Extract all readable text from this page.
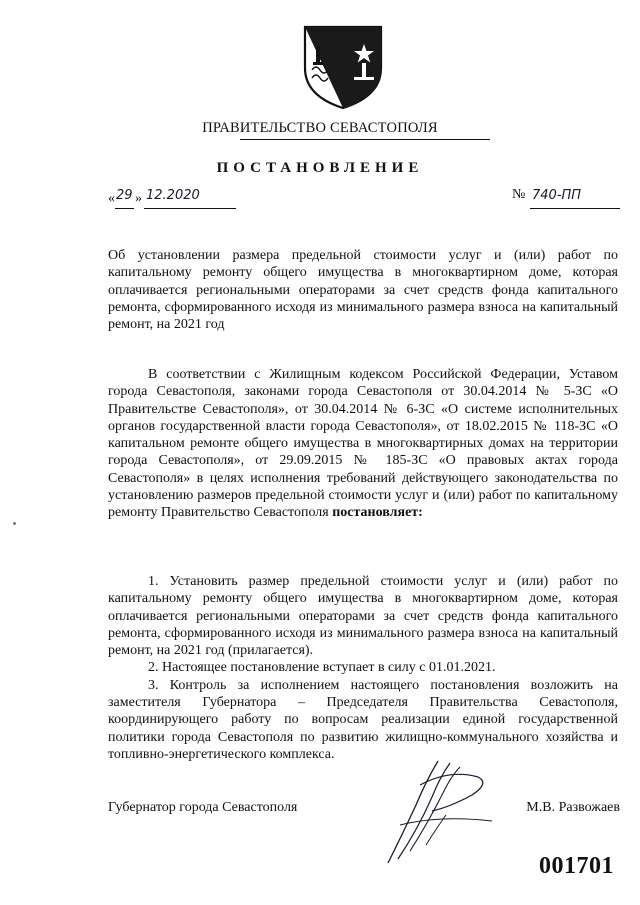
ПРАВИТЕЛЬСТВО СЕВАСТОПОЛЯ
ПОСТАНОВЛЕНИЕ
« 29 » 12.2020	№ 740-ПП

Об установлении размера предельной стоимости услуг и (или) работ по капитальному ремонту общего имущества в многоквартирном доме, которая оплачивается региональными операторами за счет средств фонда капитального ремонта, сформированного исходя из минимального размера взноса на капитальный ремонт, на 2021 год

В соответствии с Жилищным кодексом Российской Федерации, Уставом города Севастополя, законами города Севастополя от 30.04.2014 № 5-ЗС «О Правительстве Севастополя», от 30.04.2014 № 6-ЗС «О системе исполнительных органов государственной власти города Севастополя», от 18.02.2015 № 118-ЗС «О капитальном ремонте общего имущества в многоквартирных домах на территории города Севастополя», от 29.09.2015 № 185-ЗС «О правовых актах города Севастополя» в целях исполнения требований действующего законодательства по установлению размеров предельной стоимости услуг и (или) работ по капитальному ремонту Правительство Севастополя постановляет:

1. Установить размер предельной стоимости услуг и (или) работ по капитальному ремонту общего имущества в многоквартирном доме, которая оплачивается региональными операторами за счет средств фонда капитального ремонта, сформированного исходя из минимального размера взноса на капитальный ремонт, на 2021 год (прилагается).

2. Настоящее постановление вступает в силу с 01.01.2021.

3. Контроль за исполнением настоящего постановления возложить на заместителя Губернатора – Председателя Правительства Севастополя, координирующего работу по вопросам реализации единой государственной политики города Севастополя по развитию жилищно-коммунального хозяйства и топливно-энергетического комплекса.

Губернатор города Севастополя	М.В. Развожаев
001701
